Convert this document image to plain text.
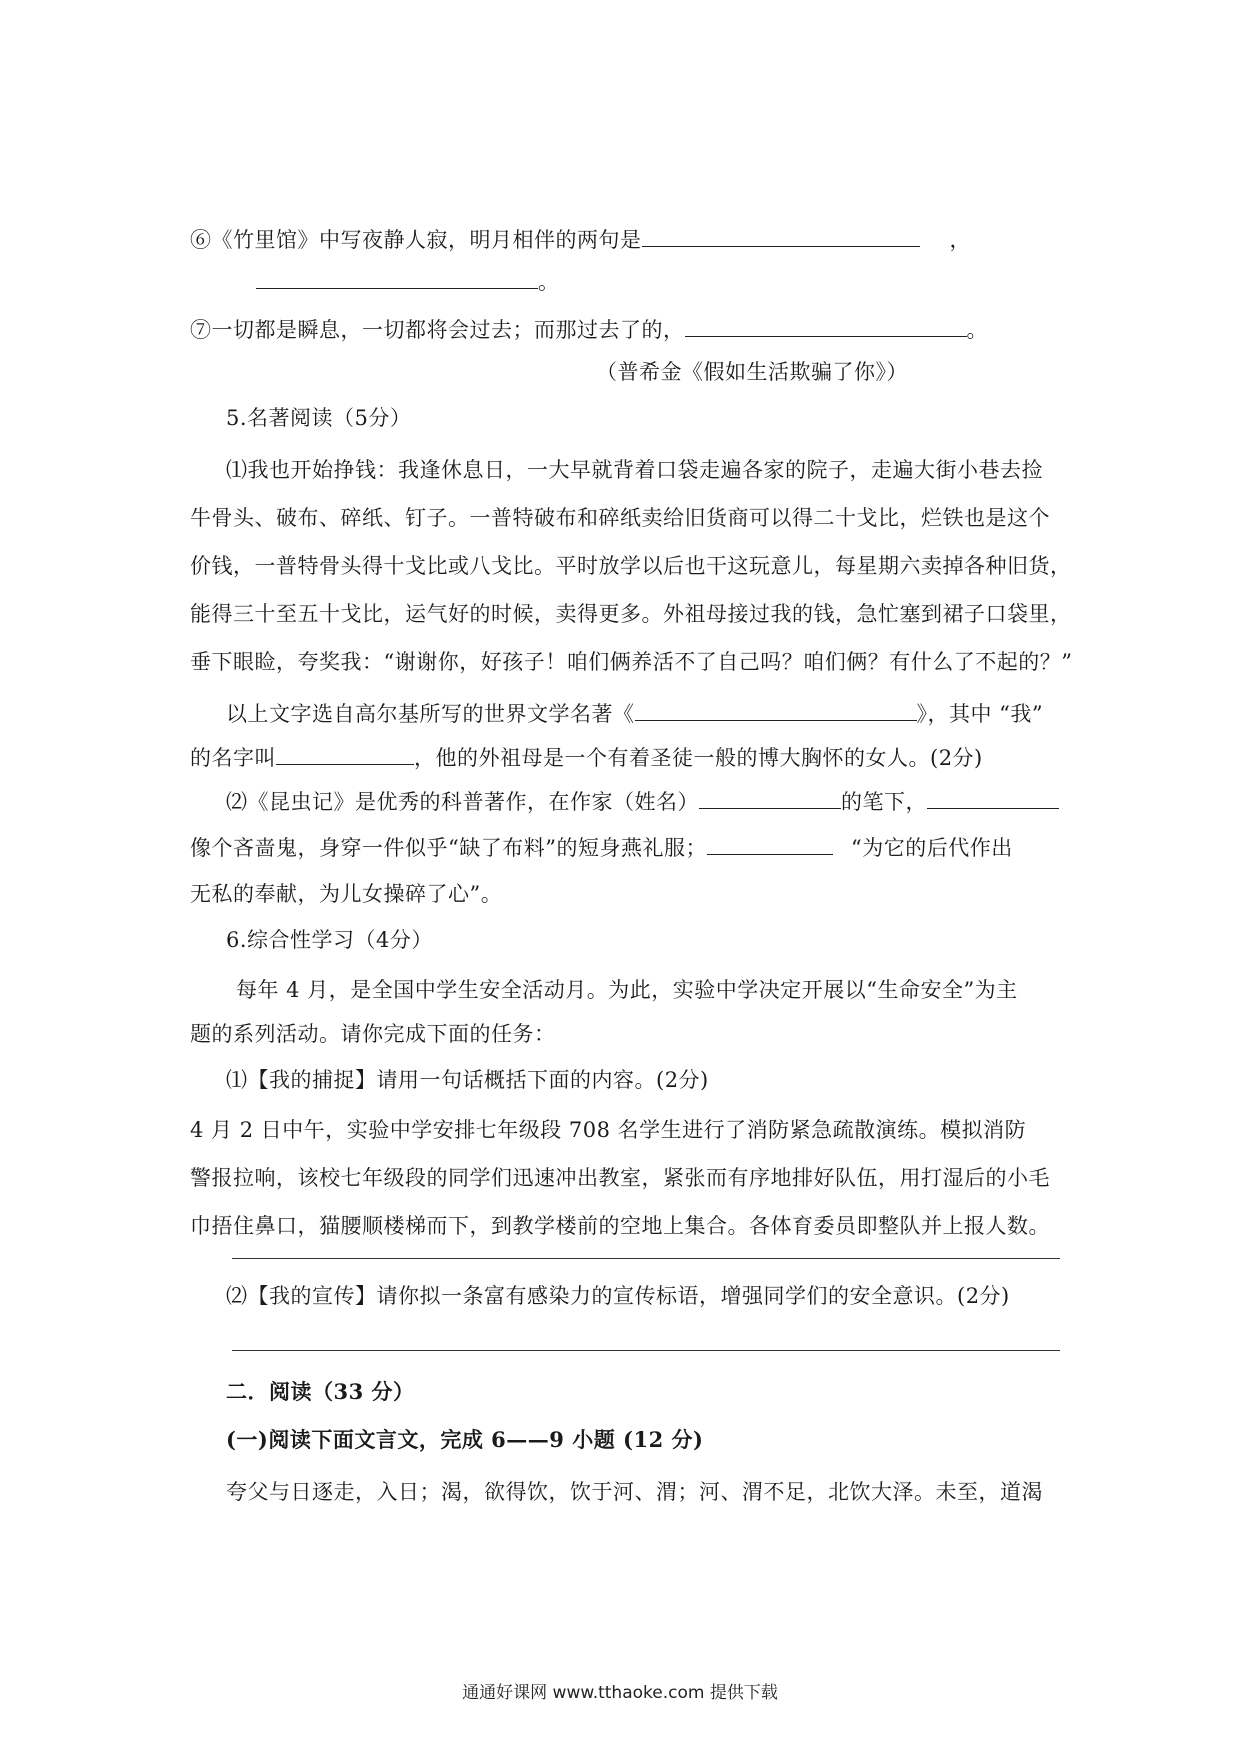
⑥《竹里馆》中写夜静人寂，明月相伴的两句是	，
。
⑦一切都是瞬息，一切都将会过去；而那过去了的，	。
（普希金《假如生活欺骗了你》）
5.名著阅读（5分）
⑴我也开始挣钱：我逢休息日，一大早就背着口袋走遍各家的院子，走遍大街小巷去捡
牛骨头、破布、碎纸、钉子。一普特破布和碎纸卖给旧货商可以得二十戈比，烂铁也是这个
价钱，一普特骨头得十戈比或八戈比。平时放学以后也干这玩意儿，每星期六卖掉各种旧货，
能得三十至五十戈比，运气好的时候，卖得更多。外祖母接过我的钱，急忙塞到裙子口袋里，
垂下眼睑，夸奖我：“谢谢你，好孩子！咱们俩养活不了自己吗？咱们俩？有什么了不起的？”
以上文字选自高尔基所写的世界文学名著《	》，其中 “我”
的名字叫	，他的外祖母是一个有着圣徒一般的博大胸怀的女人。(2分)
⑵《昆虫记》是优秀的科普著作，在作家（姓名）	的笔下，
像个吝啬鬼，身穿一件似乎“缺了布料”的短身燕礼服；	“为它的后代作出
无私的奉献，为儿女操碎了心”。
6.综合性学习（4分）
每年 4 月，是全国中学生安全活动月。为此，实验中学决定开展以“生命安全”为主
题的系列活动。请你完成下面的任务：
⑴【我的捕捉】请用一句话概括下面的内容。(2分)
4 月 2 日中午，实验中学安排七年级段 708 名学生进行了消防紧急疏散演练。模拟消防
警报拉响，该校七年级段的同学们迅速冲出教室，紧张而有序地排好队伍，用打湿后的小毛
巾捂住鼻口，猫腰顺楼梯而下，到教学楼前的空地上集合。各体育委员即整队并上报人数。
⑵【我的宣传】请你拟一条富有感染力的宣传标语，增强同学们的安全意识。(2分)
二．阅读（33 分）
(一)阅读下面文言文，完成 6——9 小题 (12 分)
夸父与日逐走，入日；渴，欲得饮，饮于河、渭；河、渭不足，北饮大泽。未至，道渴
通通好课网 www.tthaoke.com 提供下载
